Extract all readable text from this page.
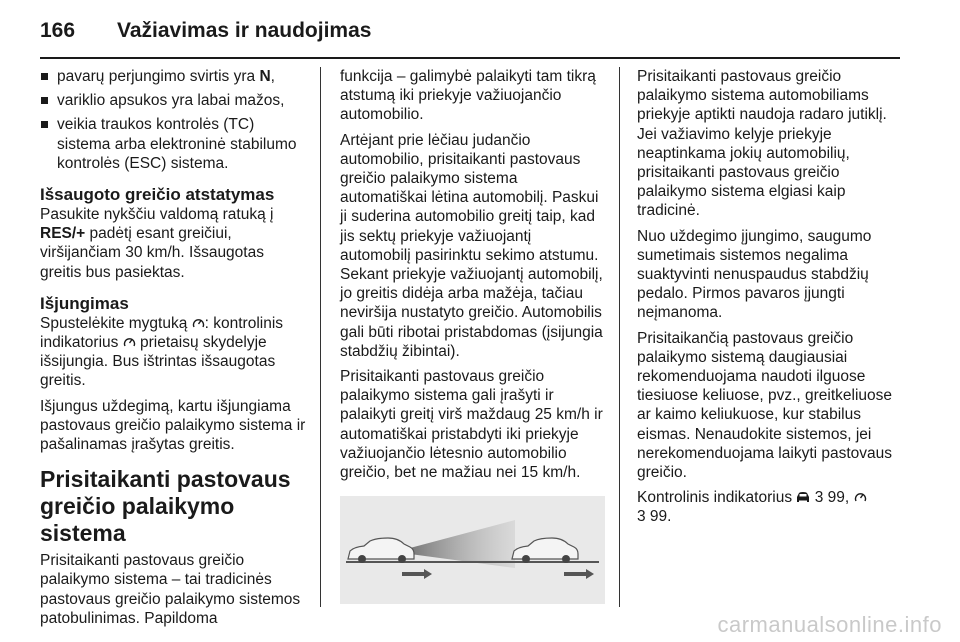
166 Važiavimas ir naudojimas
pavarų perjungimo svirtis yra N,
variklio apsukos yra labai mažos,
veikia traukos kontrolės (TC) sistema arba elektroninė stabilumo kontrolės (ESC) sistema.
Išsaugoto greičio atstatymas

Pasukite nykščiu valdomą ratuką į RES/+ padėtį esant greičiui, viršijančiam 30 km/h. Išsaugotas greitis bus pasiektas.

Išjungimas

Spustelėkite mygtuką : kontrolinis indikatorius  prietaisų skydelyje išsijungia. Bus ištrintas išsaugotas greitis.

Išjungus uždegimą, kartu išjungiama pastovaus greičio palaikymo sistema ir pašalinamas įrašytas greitis.

Prisitaikanti pastovaus greičio palaikymo sistema

Prisitaikanti pastovaus greičio palaikymo sistema – tai tradicinės pastovaus greičio palaikymo sistemos patobulinimas. Papildoma

funkcija – galimybė palaikyti tam tikrą atstumą iki priekyje važiuojančio automobilio.

Artėjant prie lėčiau judančio automobilio, prisitaikanti pastovaus greičio palaikymo sistema automatiškai lėtina automobilį. Paskui ji suderina automobilio greitį taip, kad jis sektų priekyje važiuojantį automobilį pasirinktu sekimo atstumu. Sekant priekyje važiuojantį automobilį, jo greitis didėja arba mažėja, tačiau neviršija nustatyto greičio. Automobilis gali būti ribotai pristabdomas (įsijungia stabdžių žibintai).

Prisitaikanti pastovaus greičio palaikymo sistema gali įrašyti ir palaikyti greitį virš maždaug 25 km/h ir automatiškai pristabdyti iki priekyje važiuojančio lėtesnio automobilio greičio, bet ne mažiau nei 15 km/h.

Prisitaikanti pastovaus greičio palaikymo sistema automobiliams priekyje aptikti naudoja radaro jutiklį. Jei važiavimo kelyje priekyje neaptinkama jokių automobilių, prisitaikanti pastovaus greičio palaikymo sistema elgiasi kaip tradicinė.

Nuo uždegimo įjungimo, saugumo sumetimais sistemos negalima suaktyvinti nenuspaudus stabdžių pedalo. Pirmos pavaros įjungti neįmanoma.

Prisitaikančią pastovaus greičio palaikymo sistemą daugiausiai rekomenduojama naudoti ilguose tiesiuose keliuose, pvz., greitkeliuose ar kaimo keliukuose, kur stabilus eismas. Nenaudokite sistemos, jei nerekomenduojama laikyti pastovaus greičio.

Kontrolinis indikatorius  3 99,
3 99.

carmanualsonline.info
